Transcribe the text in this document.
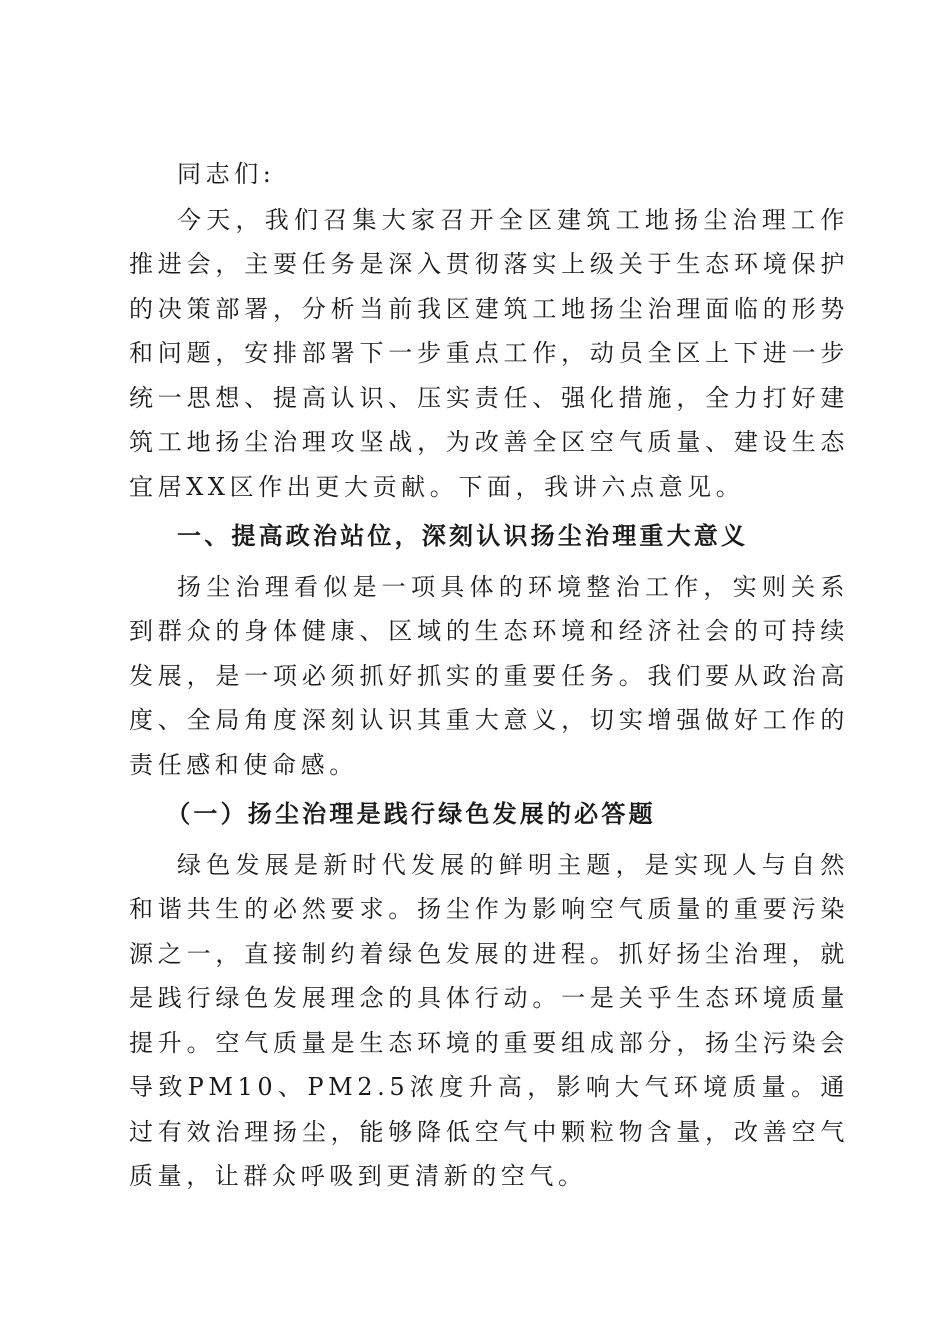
同志们:

今天，我们召集大家召开全区建筑工地扬尘治理工作推进会，主要任务是深入贯彻落实上级关于生态环境保护的决策部署，分析当前我区建筑工地扬尘治理面临的形势和问题，安排部署下一步重点工作，动员全区上下进一步统一思想、提高认识、压实责任、强化措施，全力打好建筑工地扬尘治理攻坚战，为改善全区空气质量、建设生态宜居XX区作出更大贡献。下面，我讲六点意见。

一、提高政治站位，深刻认识扬尘治理重大意义

扬尘治理看似是一项具体的环境整治工作，实则关系到群众的身体健康、区域的生态环境和经济社会的可持续发展，是一项必须抓好抓实的重要任务。我们要从政治高度、全局角度深刻认识其重大意义，切实增强做好工作的责任感和使命感。

（一）扬尘治理是践行绿色发展的必答题

绿色发展是新时代发展的鲜明主题，是实现人与自然和谐共生的必然要求。扬尘作为影响空气质量的重要污染源之一，直接制约着绿色发展的进程。抓好扬尘治理，就是践行绿色发展理念的具体行动。一是关乎生态环境质量提升。空气质量是生态环境的重要组成部分，扬尘污染会导致PM10、PM2.5浓度升高，影响大气环境质量。通过有效治理扬尘，能够降低空气中颗粒物含量，改善空气质量，让群众呼吸到更清新的空气。
